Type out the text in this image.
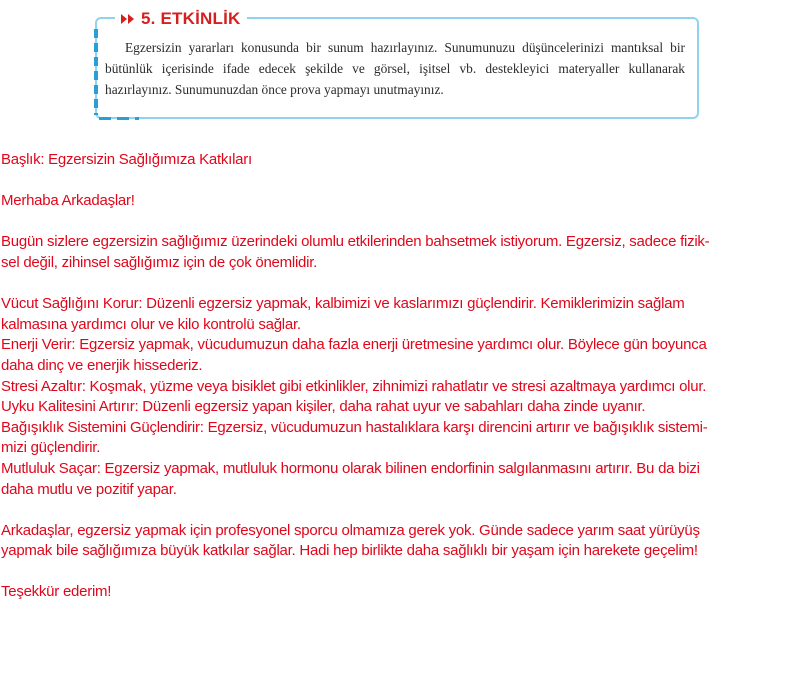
5. ETKİNLİK
Egzersizin yararları konusunda bir sunum hazırlayınız. Sunumunuzu düşüncelerinizi mantıksal bir bütünlük içerisinde ifade edecek şekilde ve görsel, işitsel vb. destekleyici materyaller kullanarak hazırlayınız. Sunumunuzdan önce prova yapmayı unutmayınız.

Başlık: Egzersizin Sağlığımıza Katkıları

Merhaba Arkadaşlar!

Bugün sizlere egzersizin sağlığımız üzerindeki olumlu etkilerinden bahsetmek istiyorum. Egzersiz, sadece fizik-

sel değil, zihinsel sağlığımız için de çok önemlidir.

Vücut Sağlığını Korur: Düzenli egzersiz yapmak, kalbimizi ve kaslarımızı güçlendirir. Kemiklerimizin sağlam

kalmasına yardımcı olur ve kilo kontrolü sağlar.

Enerji Verir: Egzersiz yapmak, vücudumuzun daha fazla enerji üretmesine yardımcı olur. Böylece gün boyunca

daha dinç ve enerjik hissederiz.

Stresi Azaltır: Koşmak, yüzme veya bisiklet gibi etkinlikler, zihnimizi rahatlatır ve stresi azaltmaya yardımcı olur.

Uyku Kalitesini Artırır: Düzenli egzersiz yapan kişiler, daha rahat uyur ve sabahları daha zinde uyanır.

Bağışıklık Sistemini Güçlendirir: Egzersiz, vücudumuzun hastalıklara karşı direncini artırır ve bağışıklık sistemi-

mizi güçlendirir.

Mutluluk Saçar: Egzersiz yapmak, mutluluk hormonu olarak bilinen endorfinin salgılanmasını artırır. Bu da bizi

daha mutlu ve pozitif yapar.

Arkadaşlar, egzersiz yapmak için profesyonel sporcu olmamıza gerek yok. Günde sadece yarım saat yürüyüş

yapmak bile sağlığımıza büyük katkılar sağlar. Hadi hep birlikte daha sağlıklı bir yaşam için harekete geçelim!

Teşekkür ederim!
